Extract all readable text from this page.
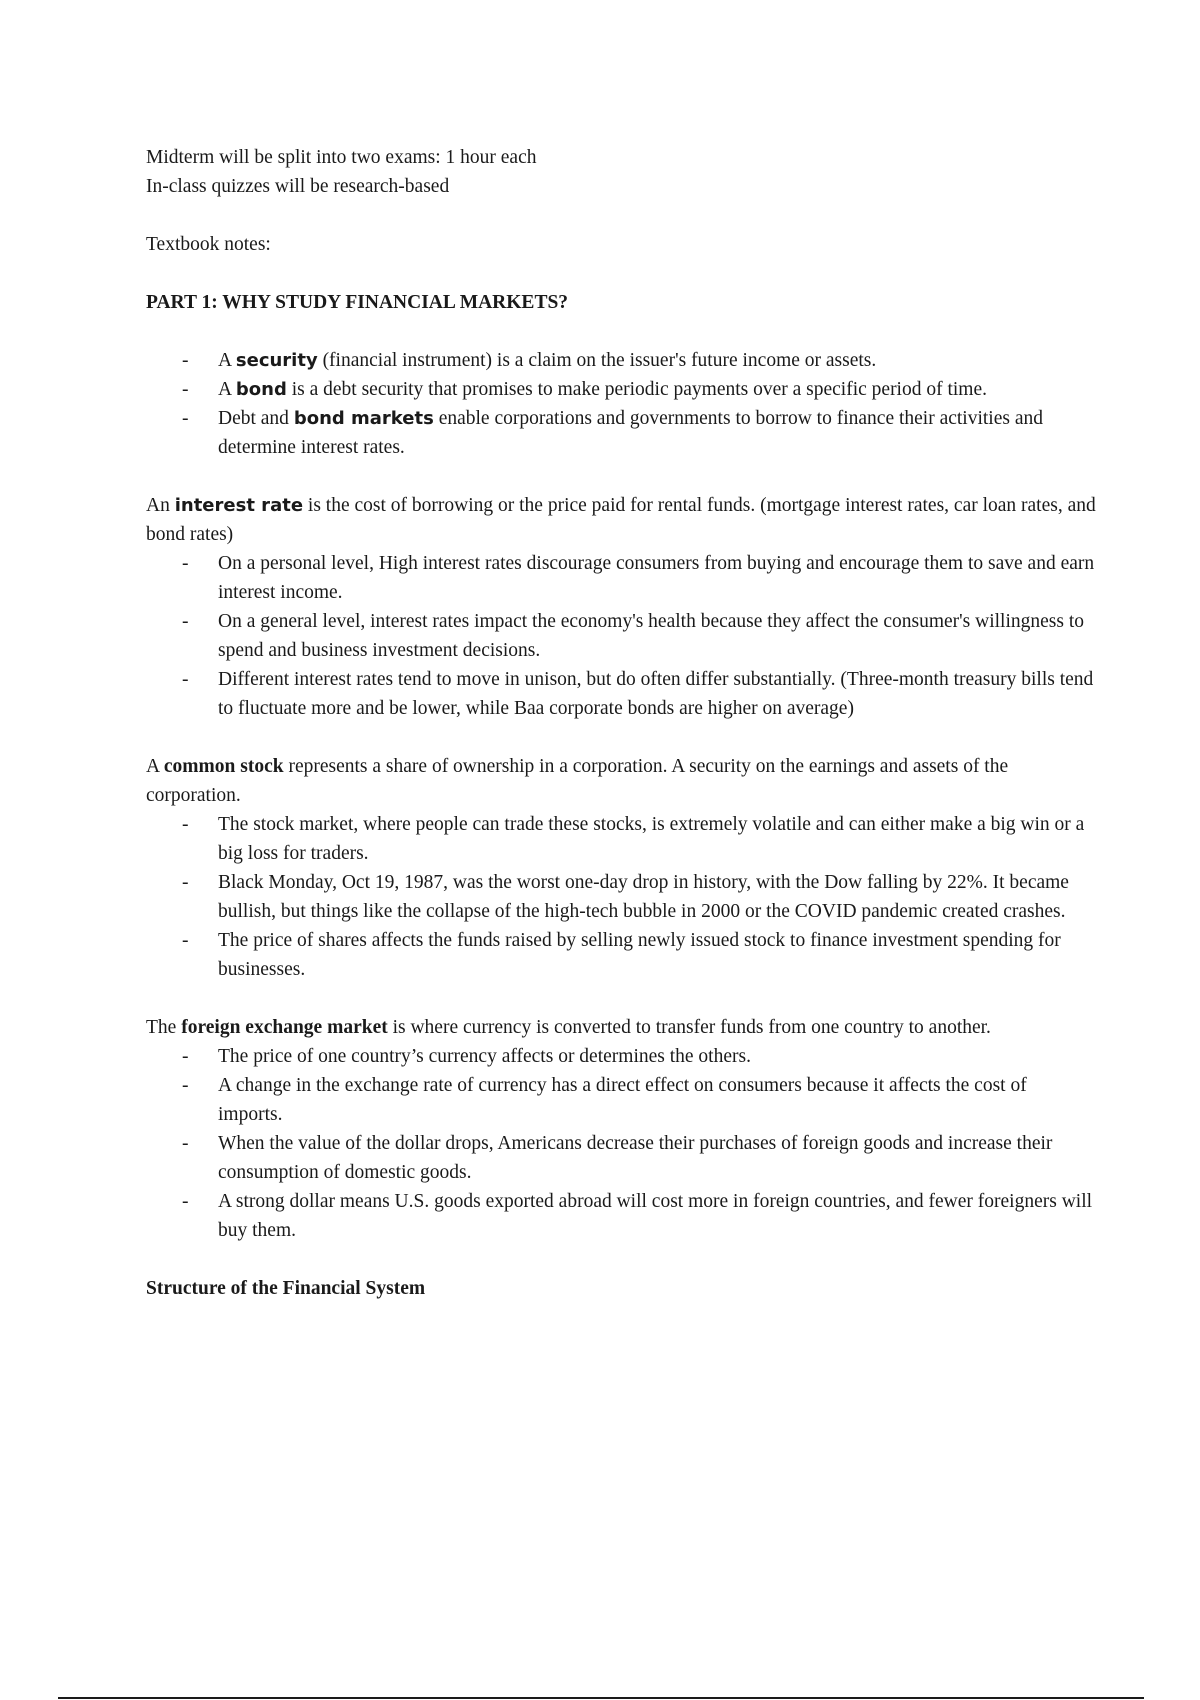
Midterm will be split into two exams: 1 hour each

In-class quizzes will be research-based

Textbook notes:

PART 1: WHY STUDY FINANCIAL MARKETS?

- A security (financial instrument) is a claim on the issuer's future income or assets.
- A bond is a debt security that promises to make periodic payments over a specific period of time.
- Debt and bond markets enable corporations and governments to borrow to finance their activities and determine interest rates.

An interest rate is the cost of borrowing or the price paid for rental funds. (mortgage interest rates, car loan rates, and bond rates)

- On a personal level, High interest rates discourage consumers from buying and encourage them to save and earn interest income.
- On a general level, interest rates impact the economy's health because they affect the consumer's willingness to spend and business investment decisions.
- Different interest rates tend to move in unison, but do often differ substantially. (Three-month treasury bills tend to fluctuate more and be lower, while Baa corporate bonds are higher on average)

A common stock represents a share of ownership in a corporation. A security on the earnings and assets of the corporation.

- The stock market, where people can trade these stocks, is extremely volatile and can either make a big win or a big loss for traders.
- Black Monday, Oct 19, 1987, was the worst one-day drop in history, with the Dow falling by 22%. It became bullish, but things like the collapse of the high-tech bubble in 2000 or the COVID pandemic created crashes.
- The price of shares affects the funds raised by selling newly issued stock to finance investment spending for businesses.

The foreign exchange market is where currency is converted to transfer funds from one country to another.

- The price of one country’s currency affects or determines the others.
- A change in the exchange rate of currency has a direct effect on consumers because it affects the cost of imports.
- When the value of the dollar drops, Americans decrease their purchases of foreign goods and increase their consumption of domestic goods.
- A strong dollar means U.S. goods exported abroad will cost more in foreign countries, and fewer foreigners will buy them.

Structure of the Financial System
